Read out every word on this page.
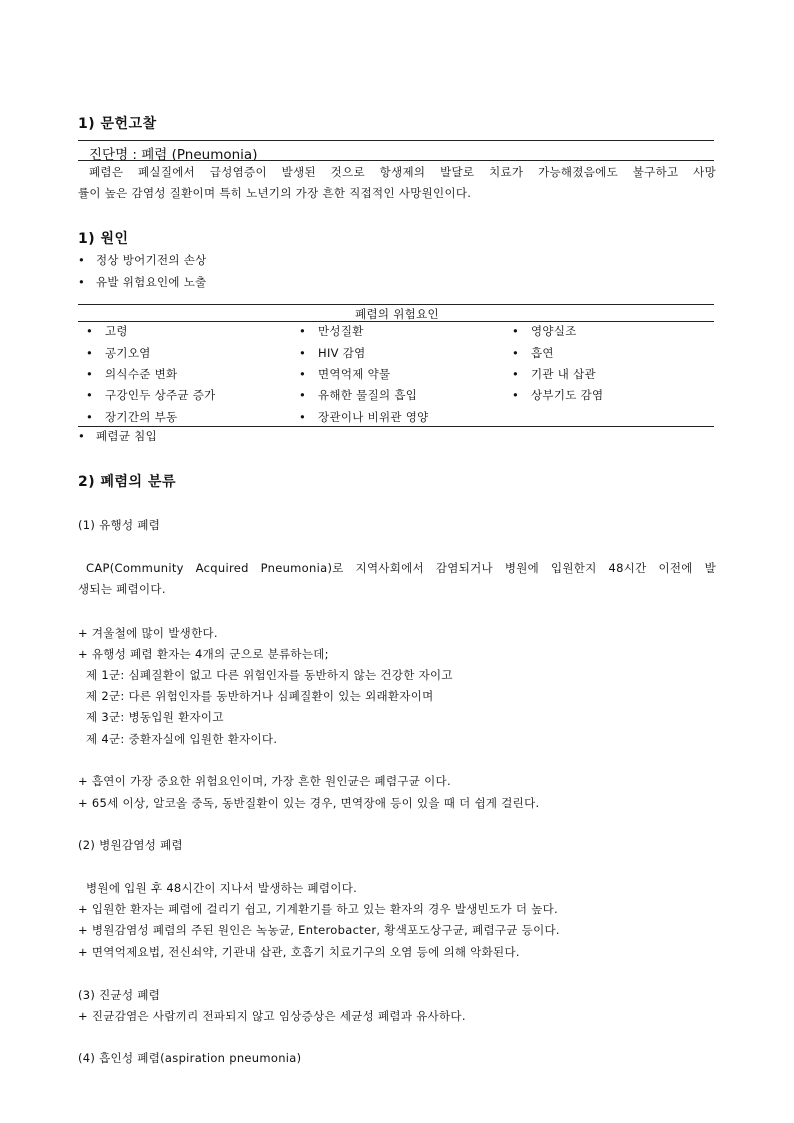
1) 문헌고찰
진단명 : 폐렴 (Pneumonia)
폐렴은 폐실질에서 급성염증이 발생된 것으로 항생제의 발달로 치료가 가능해졌음에도 불구하고 사망
률이 높은 감염성 질환이며 특히 노년기의 가장 흔한 직접적인 사망원인이다.
1) 원인
• 정상 방어기전의 손상
• 유발 위험요인에 노출
폐렴의 위험요인
• 고령
• 공기오염
• 의식수준 변화
• 구강인두 상주균 증가
• 장기간의 부동
• 만성질환
• HIV 감염
• 면역억제 약물
• 유해한 물질의 흡입
• 장관이나 비위관 영양
• 영양실조
• 흡연
• 기관 내 삽관
• 상부기도 감염
• 폐렴균 침입
2) 폐렴의 분류
(1) 유행성 폐렴
CAP(Community Acquired Pneumonia)로 지역사회에서 감염되거나 병원에 입원한지 48시간 이전에 발
생되는 폐렴이다.
+ 겨울철에 많이 발생한다.
+ 유행성 폐렴 환자는 4개의 군으로 분류하는데;
제 1군: 심폐질환이 없고 다른 위험인자를 동반하지 않는 건강한 자이고
제 2군: 다른 위험인자를 동반하거나 심폐질환이 있는 외래환자이며
제 3군: 병동입원 환자이고
제 4군: 중환자실에 입원한 환자이다.
+ 흡연이 가장 중요한 위험요인이며, 가장 흔한 원인균은 폐렴구균 이다.
+ 65세 이상, 알코올 중독, 동반질환이 있는 경우, 면역장애 등이 있을 때 더 쉽게 걸린다.
(2) 병원감염성 폐렴
병원에 입원 후 48시간이 지나서 발생하는 폐렴이다.
+ 입원한 환자는 폐렴에 걸리기 쉽고, 기계환기를 하고 있는 환자의 경우 발생빈도가 더 높다.
+ 병원감염성 폐렴의 주된 원인은 녹농균, Enterobacter, 황색포도상구균, 폐렴구균 등이다.
+ 면역억제요법, 전신쇠약, 기관내 삽관, 호흡기 치료기구의 오염 등에 의해 악화된다.
(3) 진균성 폐렴
+ 진균감염은 사람끼리 전파되지 않고 임상증상은 세균성 폐렴과 유사하다.
(4) 흡인성 폐렴(aspiration pneumonia)
